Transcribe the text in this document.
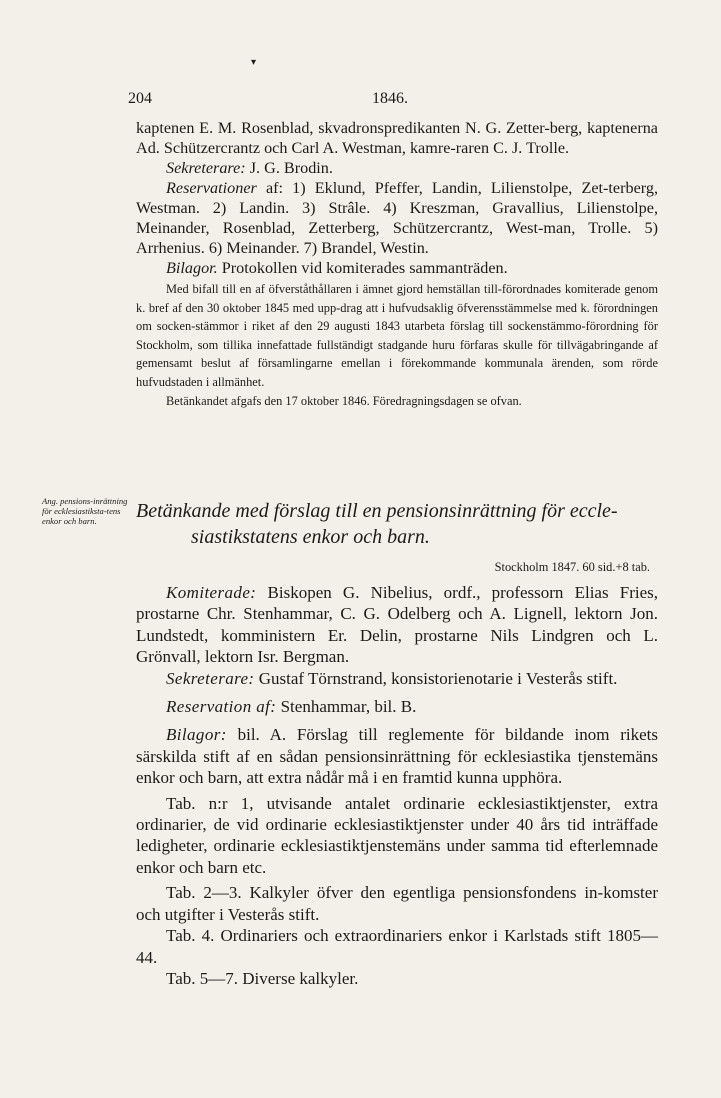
▾
204	1846.

kaptenen E. M. Rosenblad, skvadronspredikanten N. G. Zetter-berg, kaptenerna Ad. Schützercrantz och Carl A. Westman, kamre-raren C. J. Trolle.

Sekreterare: J. G. Brodin.

Reservationer af: 1) Eklund, Pfeffer, Landin, Lilienstolpe, Zet-terberg, Westman. 2) Landin. 3) Strâle. 4) Kreszman, Gravallius, Lilienstolpe, Meinander, Rosenblad, Zetterberg, Schützercrantz, West-man, Trolle. 5) Arrhenius. 6) Meinander. 7) Brandel, Westin.

Bilagor. Protokollen vid komiterades sammanträden.

Med bifall till en af öfverståthållaren i ämnet gjord hemställan till-förordnades komiterade genom k. bref af den 30 oktober 1845 med upp-drag att i hufvudsaklig öfverensstämmelse med k. förordningen om socken-stämmor i riket af den 29 augusti 1843 utarbeta förslag till sockenstämmo-förordning för Stockholm, som tillika innefattade fullständigt stadgande huru förfaras skulle för tillvägabringande af gemensamt beslut af församlingarne emellan i förekommande kommunala ärenden, som rörde hufvudstaden i allmänhet.

Betänkandet afgafs den 17 oktober 1846. Föredragningsdagen se ofvan.

Ang. pensions-inrättning för ecklesiastiksta-tens enkor och barn.	Betänkande med förslag till en pensionsinrättning för eccle-
siastikstatens enkor och barn.
Stockholm 1847. 60 sid.+8 tab.

Komiterade: Biskopen G. Nibelius, ordf., professorn Elias Fries, prostarne Chr. Stenhammar, C. G. Odelberg och A. Lignell, lektorn Jon. Lundstedt, komministern Er. Delin, prostarne Nils Lindgren och L. Grönvall, lektorn Isr. Bergman.

Sekreterare: Gustaf Törnstrand, konsistorienotarie i Vesterås stift.

Reservation af: Stenhammar, bil. B.

Bilagor: bil. A. Förslag till reglemente för bildande inom rikets särskilda stift af en sådan pensionsinrättning för ecklesiastika tjenstemäns enkor och barn, att extra nådår må i en framtid kunna upphöra.

Tab. n:r 1, utvisande antalet ordinarie ecklesiastiktjenster, extra ordinarier, de vid ordinarie ecklesiastiktjenster under 40 års tid inträffade ledigheter, ordinarie ecklesiastiktjenstemäns under samma tid efterlemnade enkor och barn etc.

Tab. 2—3. Kalkyler öfver den egentliga pensionsfondens in-komster och utgifter i Vesterås stift.

Tab. 4. Ordinariers och extraordinariers enkor i Karlstads stift 1805—44.

Tab. 5—7. Diverse kalkyler.
